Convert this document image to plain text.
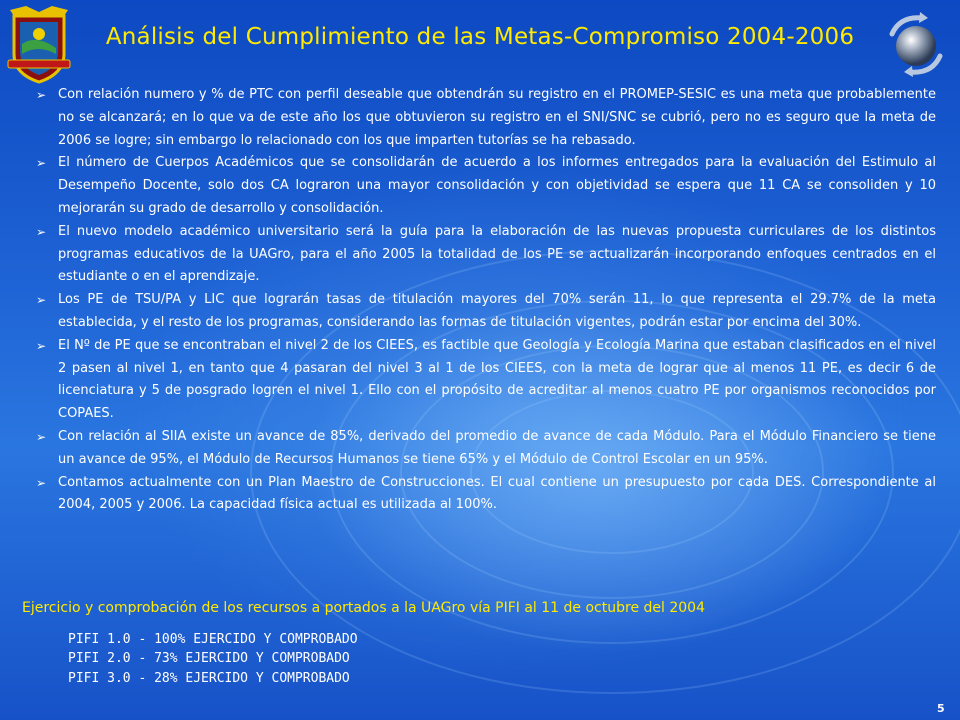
Análisis del Cumplimiento de las Metas-Compromiso 2004-2006
➢ Con relación numero y % de PTC con perfil deseable que obtendrán su registro en el PROMEP-SESIC es una meta que probablemente no se alcanzará; en lo que va de este año los que obtuvieron su registro en el SNI/SNC se cubrió, pero no es seguro que la meta de 2006 se logre; sin embargo lo relacionado con los que imparten tutorías se ha rebasado.
➢ El número de Cuerpos Académicos que se consolidarán de acuerdo a los informes entregados para la evaluación del Estimulo al Desempeño Docente, solo dos CA lograron una mayor consolidación y con objetividad se espera que 11 CA se consoliden y 10 mejorarán su grado de desarrollo y consolidación.
➢ El nuevo modelo académico universitario será la guía para la elaboración de las nuevas propuesta curriculares de los distintos programas educativos de la UAGro, para el año 2005 la totalidad de los PE se actualizarán incorporando enfoques centrados en el estudiante o en el aprendizaje.
➢ Los PE de TSU/PA y LIC que lograrán tasas de titulación mayores del 70% serán 11, lo que representa el 29.7% de la meta establecida, y el resto de los programas, considerando las formas de titulación vigentes, podrán estar por encima del 30%.
➢ El Nº de PE que se encontraban el nivel 2 de los CIEES, es factible que Geología y Ecología Marina que estaban clasificados en el nivel 2 pasen al nivel 1, en tanto que 4 pasaran del nivel 3 al 1 de los CIEES, con la meta de lograr que al menos 11 PE, es decir 6 de licenciatura y 5 de posgrado logren el nivel 1. Ello con el propósito de acreditar al menos cuatro PE por organismos reconocidos por COPAES.
➢ Con relación al SIIA existe un avance de 85%, derivado del promedio de avance de cada Módulo. Para el Módulo Financiero se tiene un avance de 95%, el Módulo de Recursos Humanos se tiene 65% y el Módulo de Control Escolar en un 95%.
➢ Contamos actualmente con un Plan Maestro de Construcciones. El cual contiene un presupuesto por cada DES. Correspondiente al 2004, 2005 y 2006. La capacidad física actual es utilizada al 100%.
Ejercicio y comprobación de los recursos a portados a la UAGro vía PIFI al 11 de octubre del 2004
PIFI 1.0 - 100% EJERCIDO Y COMPROBADO
PIFI 2.0 - 73% EJERCIDO Y COMPROBADO
PIFI 3.0 - 28% EJERCIDO Y COMPROBADO
5
